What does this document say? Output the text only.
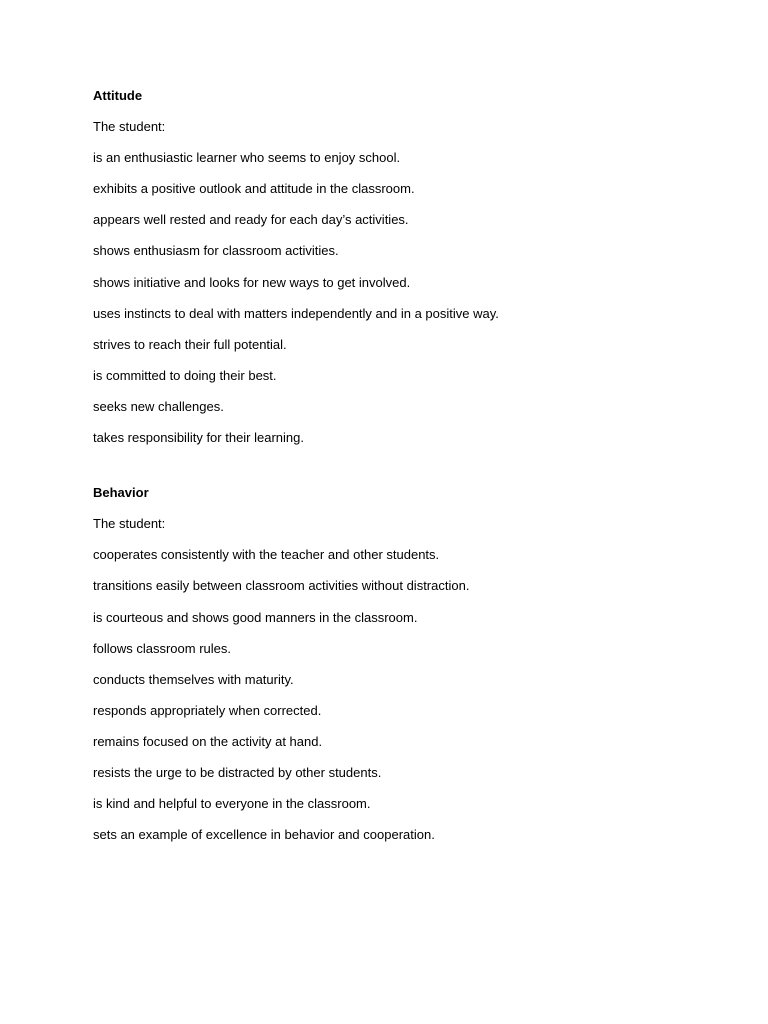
Attitude
The student:
is an enthusiastic learner who seems to enjoy school.
exhibits a positive outlook and attitude in the classroom.
appears well rested and ready for each day’s activities.
shows enthusiasm for classroom activities.
shows initiative and looks for new ways to get involved.
uses instincts to deal with matters independently and in a positive way.
strives to reach their full potential.
is committed to doing their best.
seeks new challenges.
takes responsibility for their learning.
Behavior
The student:
cooperates consistently with the teacher and other students.
transitions easily between classroom activities without distraction.
is courteous and shows good manners in the classroom.
follows classroom rules.
conducts themselves with maturity.
responds appropriately when corrected.
remains focused on the activity at hand.
resists the urge to be distracted by other students.
is kind and helpful to everyone in the classroom.
sets an example of excellence in behavior and cooperation.
